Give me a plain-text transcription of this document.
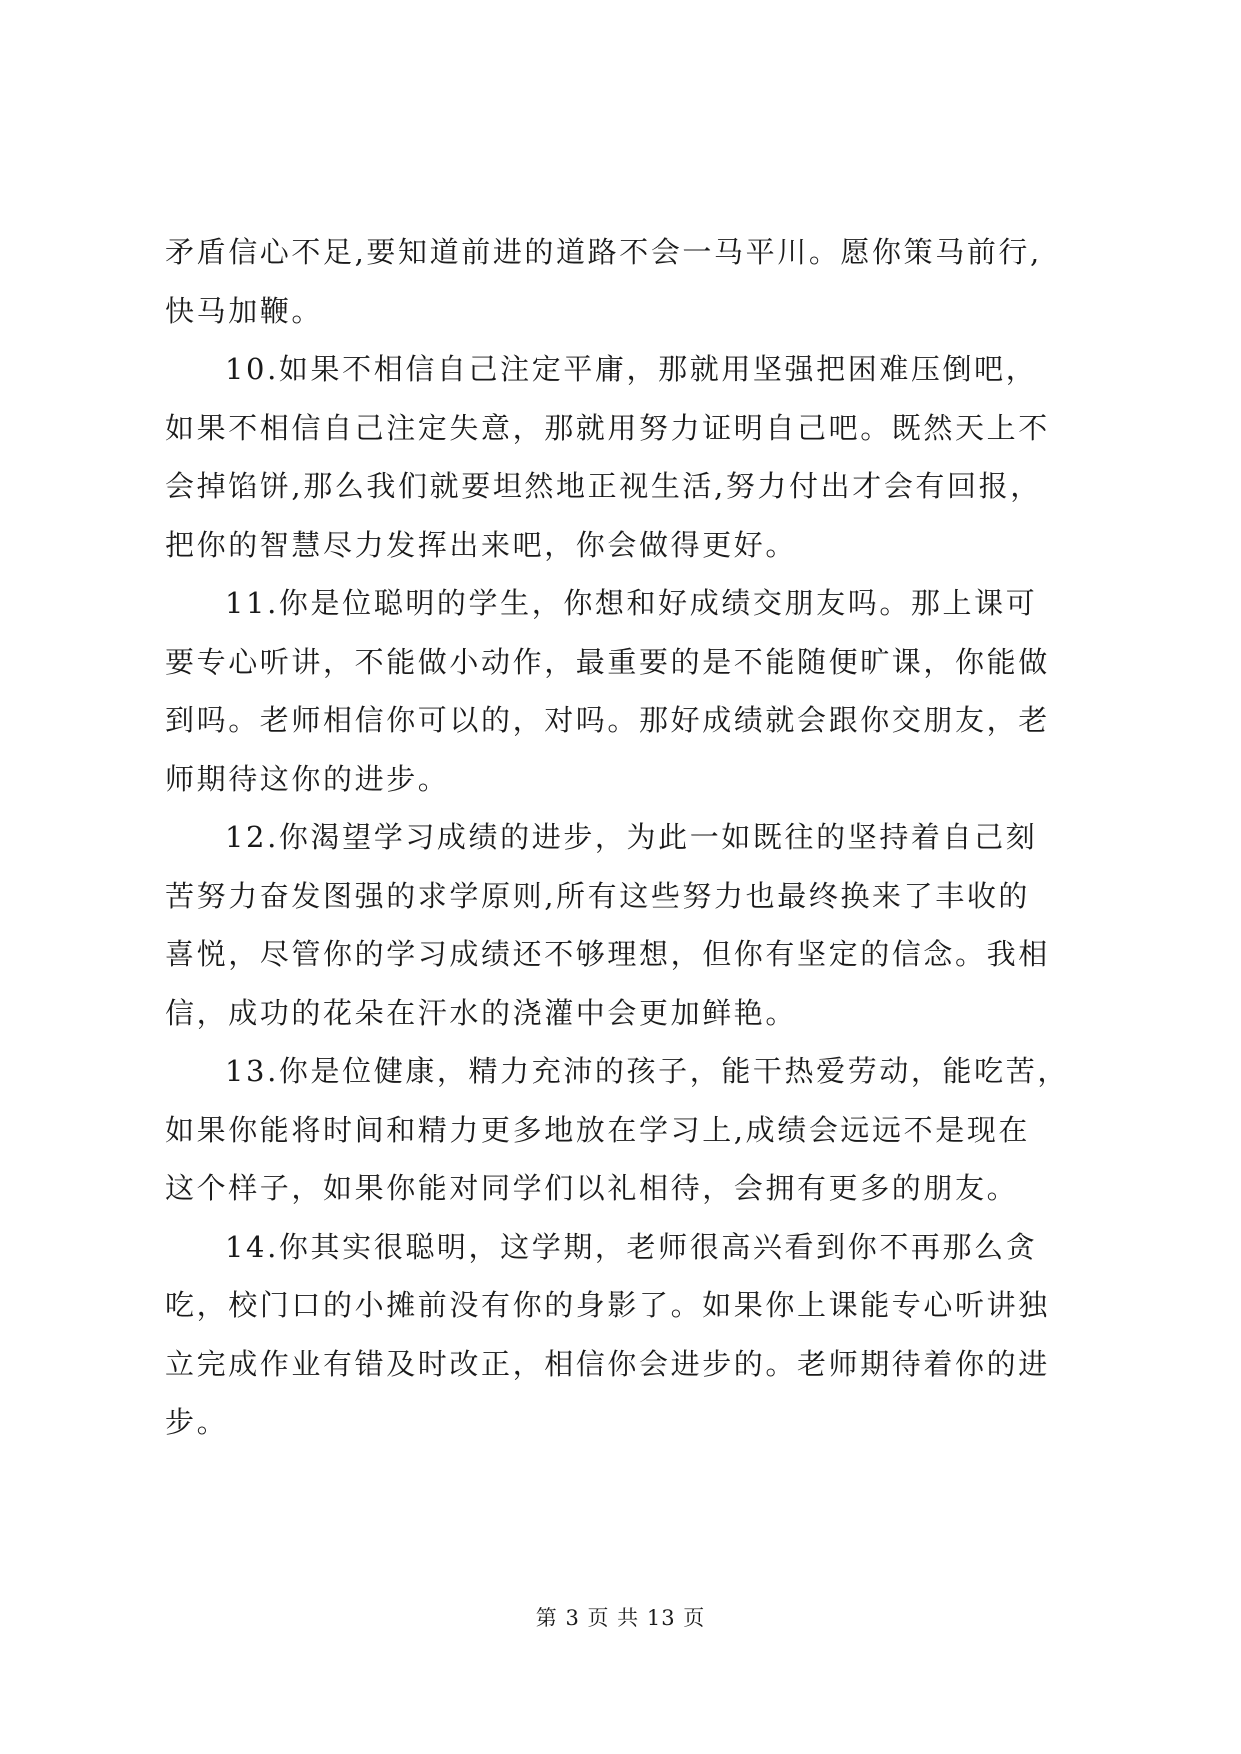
矛盾信心不足,要知道前进的道路不会一马平川。愿你策马前行,
快马加鞭。

10.如果不相信自己注定平庸，那就用坚强把困难压倒吧，
如果不相信自己注定失意，那就用努力证明自己吧。既然天上不
会掉馅饼,那么我们就要坦然地正视生活,努力付出才会有回报，
把你的智慧尽力发挥出来吧，你会做得更好。

11.你是位聪明的学生，你想和好成绩交朋友吗。那上课可
要专心听讲，不能做小动作，最重要的是不能随便旷课，你能做
到吗。老师相信你可以的，对吗。那好成绩就会跟你交朋友，老
师期待这你的进步。

12.你渴望学习成绩的进步，为此一如既往的坚持着自己刻
苦努力奋发图强的求学原则,所有这些努力也最终换来了丰收的
喜悦，尽管你的学习成绩还不够理想，但你有坚定的信念。我相
信，成功的花朵在汗水的浇灌中会更加鲜艳。

13.你是位健康，精力充沛的孩子，能干热爱劳动，能吃苦，
如果你能将时间和精力更多地放在学习上,成绩会远远不是现在
这个样子，如果你能对同学们以礼相待，会拥有更多的朋友。

14.你其实很聪明，这学期，老师很高兴看到你不再那么贪
吃，校门口的小摊前没有你的身影了。如果你上课能专心听讲独
立完成作业有错及时改正，相信你会进步的。老师期待着你的进
步。

第 3 页 共 13 页
